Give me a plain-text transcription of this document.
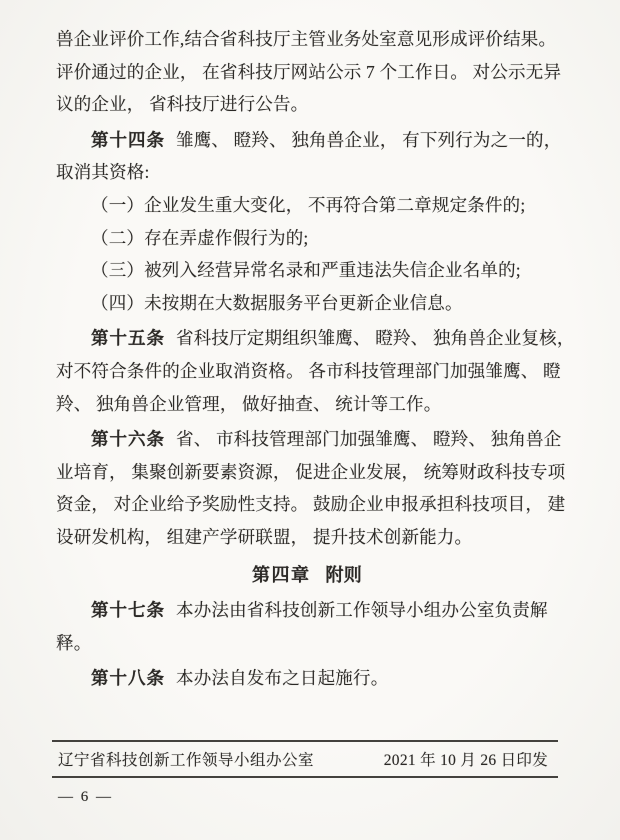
兽企业评价工作,结合省科技厅主管业务处室意见形成评价结果。
评价通过的企业， 在省科技厅网站公示 7 个工作日。 对公示无异
议的企业， 省科技厅进行公告。
第十四条 雏鹰、 瞪羚、 独角兽企业， 有下列行为之一的，
取消其资格:
（一）企业发生重大变化， 不再符合第二章规定条件的;
（二）存在弄虚作假行为的;
（三）被列入经营异常名录和严重违法失信企业名单的;
（四）未按期在大数据服务平台更新企业信息。
第十五条 省科技厅定期组织雏鹰、 瞪羚、 独角兽企业复核，
对不符合条件的企业取消资格。 各市科技管理部门加强雏鹰、 瞪
羚、 独角兽企业管理， 做好抽查、 统计等工作。
第十六条 省、 市科技管理部门加强雏鹰、 瞪羚、 独角兽企
业培育， 集聚创新要素资源， 促进企业发展， 统筹财政科技专项
资金， 对企业给予奖励性支持。 鼓励企业申报承担科技项目， 建
设研发机构， 组建产学研联盟， 提升技术创新能力。
第四章 附则
第十七条 本办法由省科技创新工作领导小组办公室负责解
释。
第十八条 本办法自发布之日起施行。
辽宁省科技创新工作领导小组办公室	2021 年 10 月 26 日印发
— 6 —
